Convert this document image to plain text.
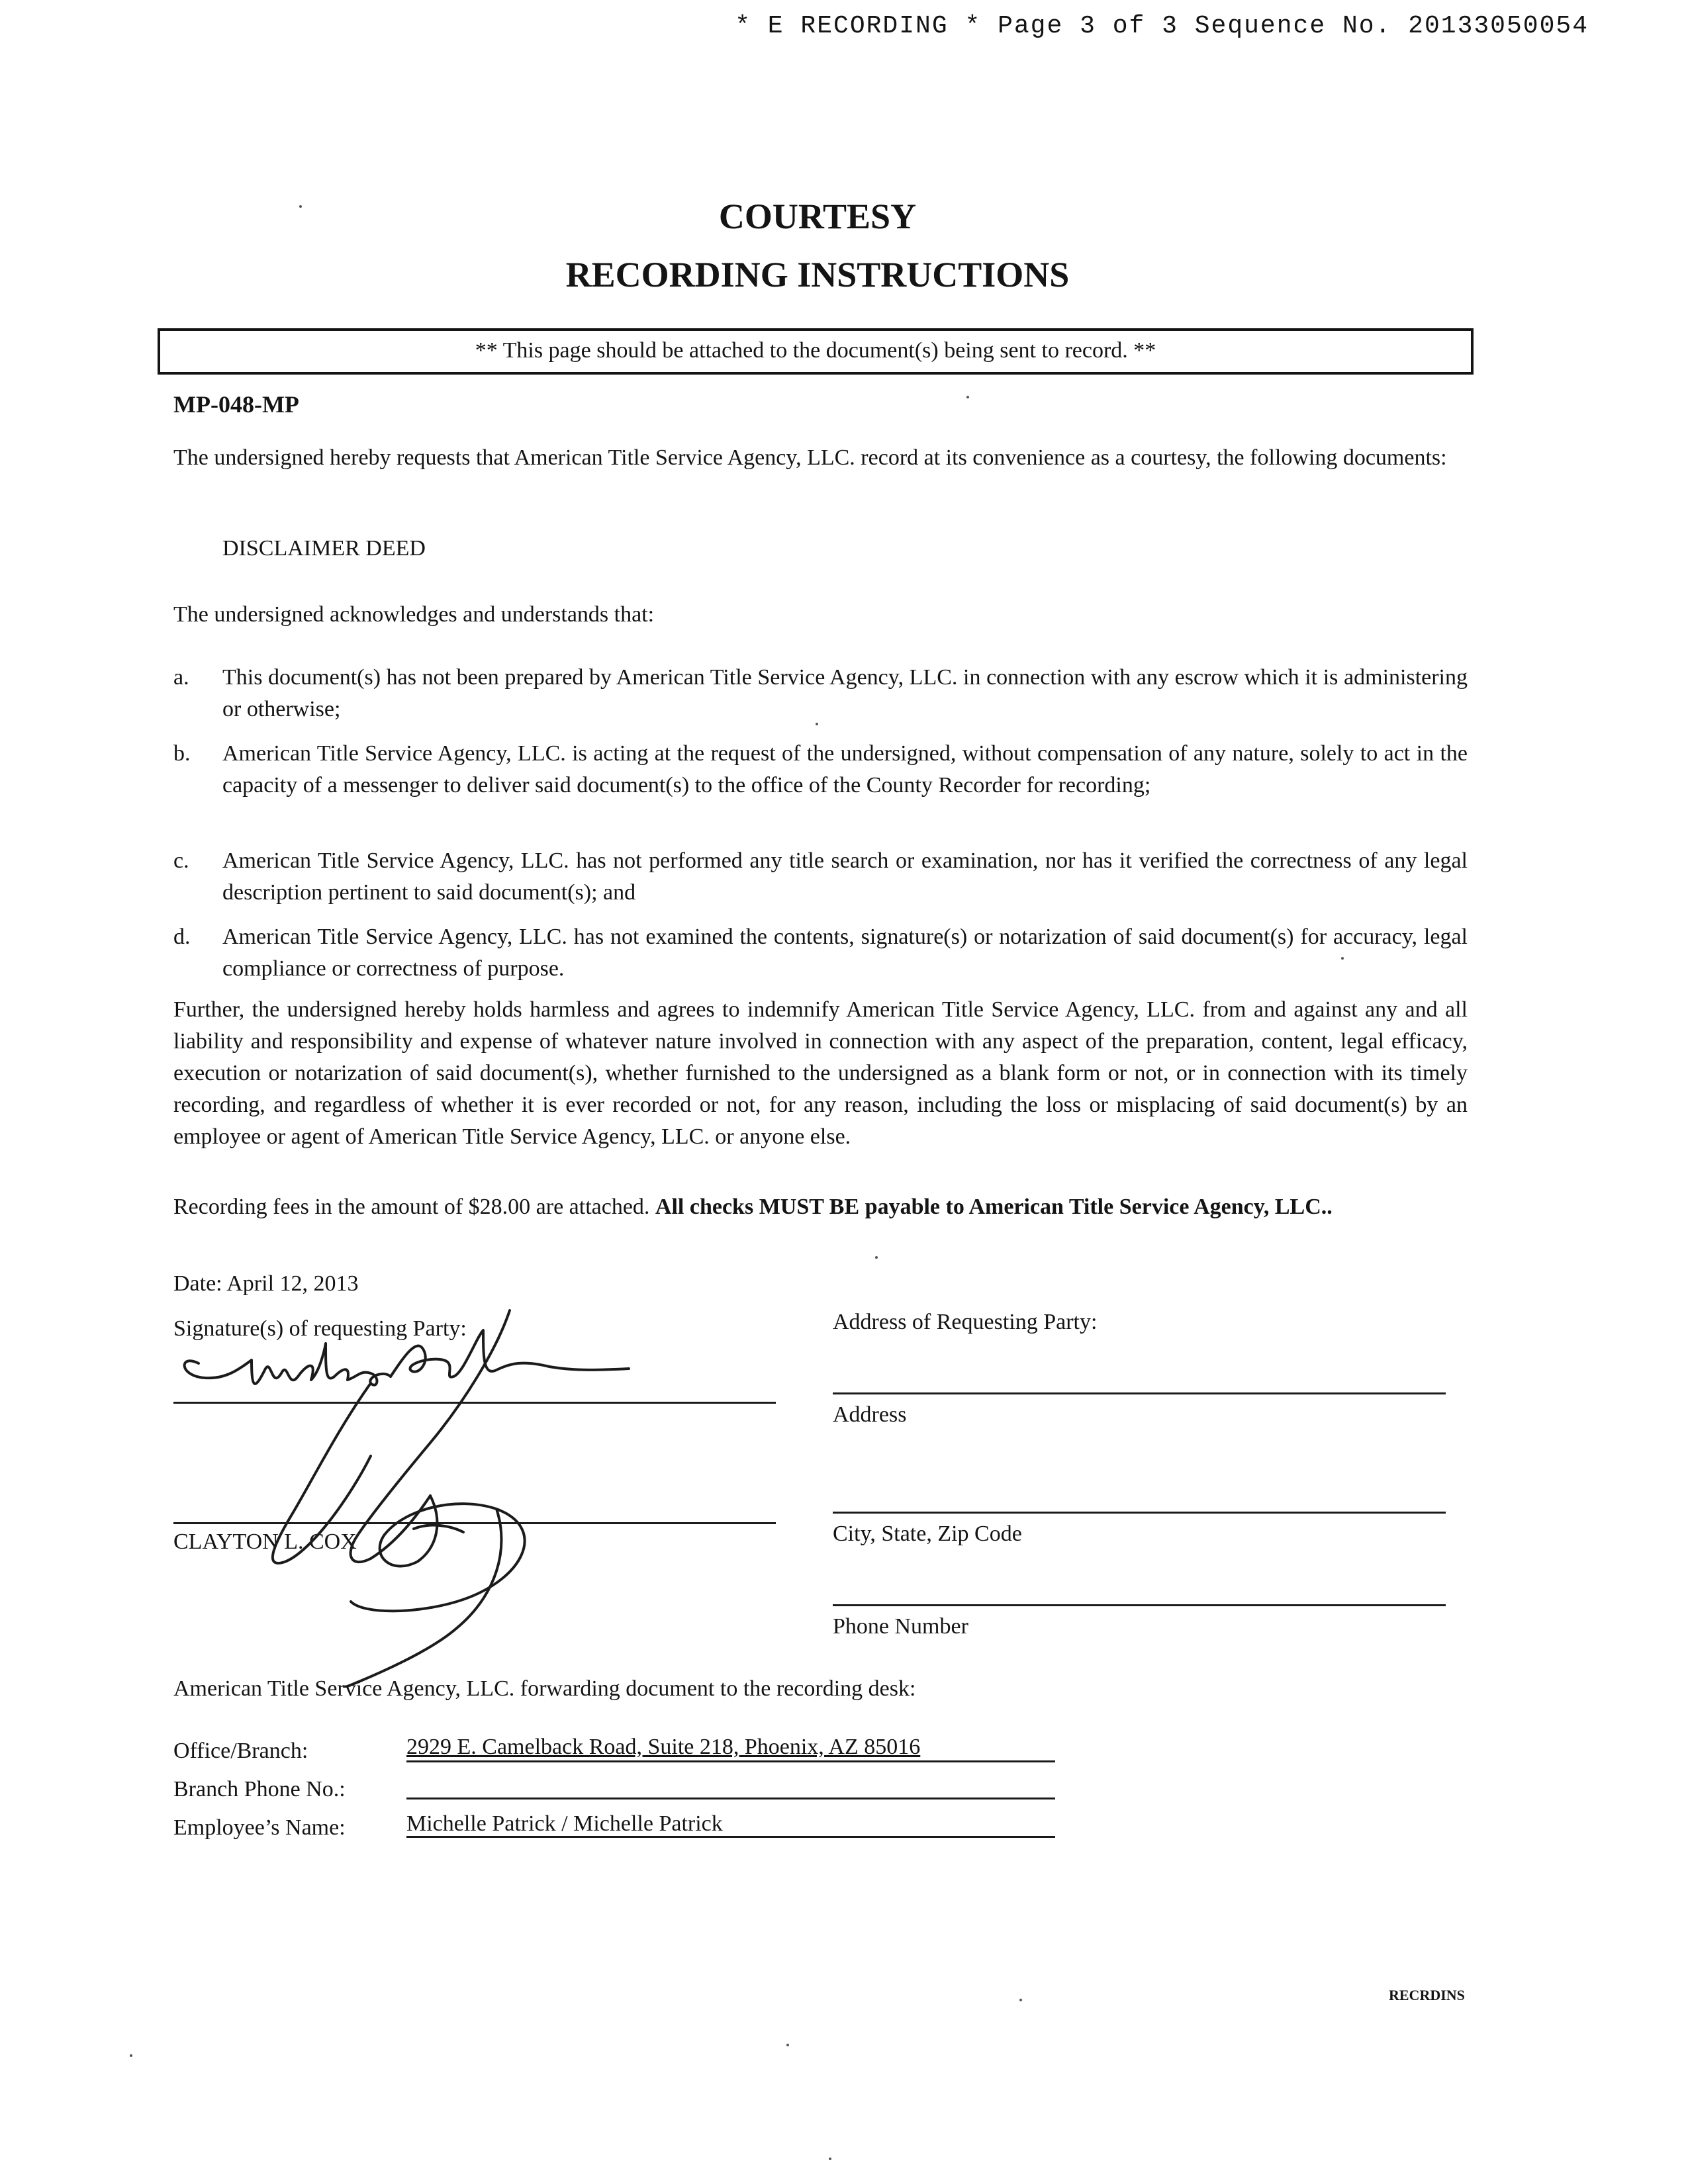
* E RECORDING * Page 3 of 3 Sequence No. 20133050054
COURTESY
RECORDING INSTRUCTIONS
** This page should be attached to the document(s) being sent to record. **
MP-048-MP
The undersigned hereby requests that American Title Service Agency, LLC. record at its convenience as a courtesy, the following documents:
DISCLAIMER DEED
The undersigned acknowledges and understands that:
a. This document(s) has not been prepared by American Title Service Agency, LLC. in connection with any escrow which it is administering or otherwise;
b. American Title Service Agency, LLC. is acting at the request of the undersigned, without compensation of any nature, solely to act in the capacity of a messenger to deliver said document(s) to the office of the County Recorder for recording;
c. American Title Service Agency, LLC. has not performed any title search or examination, nor has it verified the correctness of any legal description pertinent to said document(s); and
d. American Title Service Agency, LLC. has not examined the contents, signature(s) or notarization of said document(s) for accuracy, legal compliance or correctness of purpose.
Further, the undersigned hereby holds harmless and agrees to indemnify American Title Service Agency, LLC. from and against any and all liability and responsibility and expense of whatever nature involved in connection with any aspect of the preparation, content, legal efficacy, execution or notarization of said document(s), whether furnished to the undersigned as a blank form or not, or in connection with its timely recording, and regardless of whether it is ever recorded or not, for any reason, including the loss or misplacing of said document(s) by an employee or agent of American Title Service Agency, LLC. or anyone else.
Recording fees in the amount of $28.00 are attached. All checks MUST BE payable to American Title Service Agency, LLC..
Date: April 12, 2013
Signature(s) of requesting Party:
CLAYTON L. COX
Address of Requesting Party:
Address
City, State, Zip Code
Phone Number
American Title Service Agency, LLC. forwarding document to the recording desk:
Office/Branch:	2929 E. Camelback Road, Suite 218, Phoenix, AZ 85016
Branch Phone No.:
Employee’s Name:	Michelle Patrick / Michelle Patrick
RECRDINS
